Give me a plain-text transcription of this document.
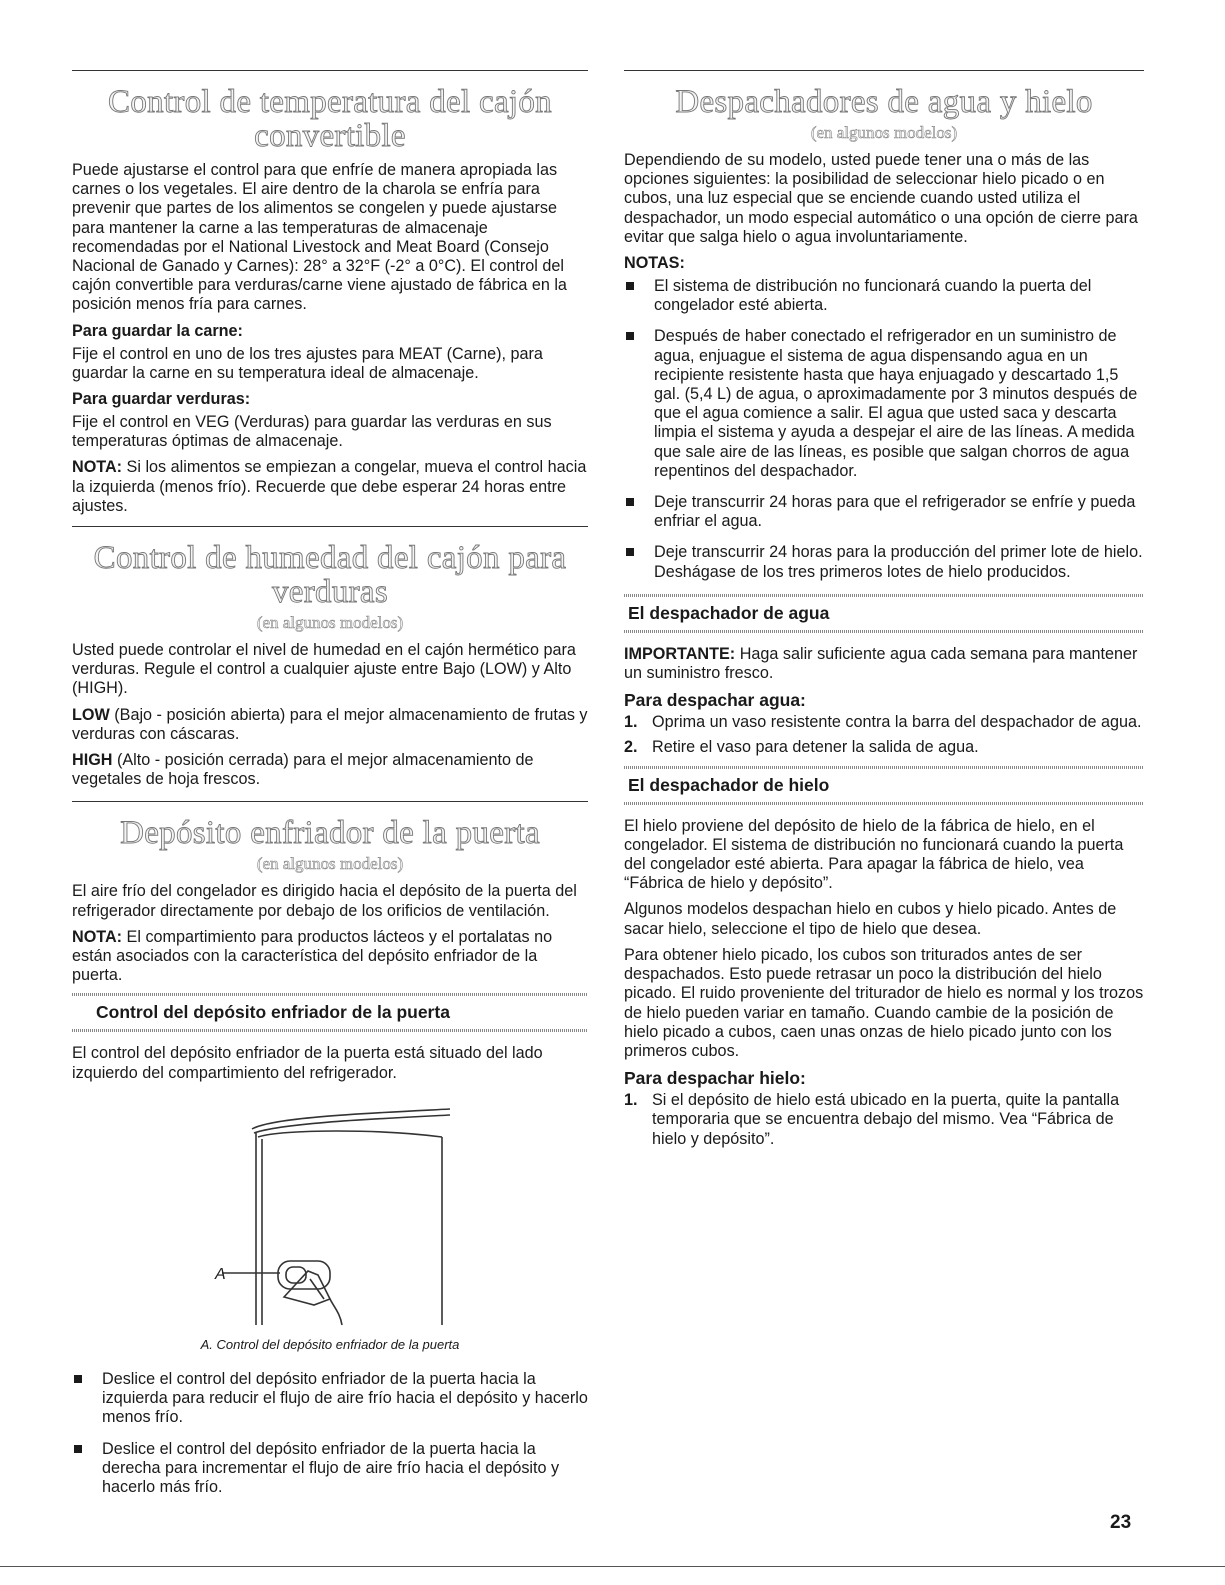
Control de temperatura del cajón convertible

Puede ajustarse el control para que enfríe de manera apropiada las carnes o los vegetales. El aire dentro de la charola se enfría para prevenir que partes de los alimentos se congelen y puede ajustarse para mantener la carne a las temperaturas de almacenaje recomendadas por el National Livestock and Meat Board (Consejo Nacional de Ganado y Carnes): 28° a 32°F (-2° a 0°C). El control del cajón convertible para verduras/carne viene ajustado de fábrica en la posición menos fría para carnes.

Para guardar la carne:

Fije el control en uno de los tres ajustes para MEAT (Carne), para guardar la carne en su temperatura ideal de almacenaje.

Para guardar verduras:

Fije el control en VEG (Verduras) para guardar las verduras en sus temperaturas óptimas de almacenaje.

NOTA: Si los alimentos se empiezan a congelar, mueva el control hacia la izquierda (menos frío). Recuerde que debe esperar 24 horas entre ajustes.

Control de humedad del cajón para verduras
(en algunos modelos)

Usted puede controlar el nivel de humedad en el cajón hermético para verduras. Regule el control a cualquier ajuste entre Bajo (LOW) y Alto (HIGH).

LOW (Bajo - posición abierta) para el mejor almacenamiento de frutas y verduras con cáscaras.

HIGH (Alto - posición cerrada) para el mejor almacenamiento de vegetales de hoja frescos.

Depósito enfriador de la puerta
(en algunos modelos)

El aire frío del congelador es dirigido hacia el depósito de la puerta del refrigerador directamente por debajo de los orificios de ventilación.

NOTA: El compartimiento para productos lácteos y el portalatas no están asociados con la característica del depósito enfriador de la puerta.

Control del depósito enfriador de la puerta

El control del depósito enfriador de la puerta está situado del lado izquierdo del compartimiento del refrigerador.

A
A. Control del depósito enfriador de la puerta
Deslice el control del depósito enfriador de la puerta hacia la izquierda para reducir el flujo de aire frío hacia el depósito y hacerlo menos frío.
Deslice el control del depósito enfriador de la puerta hacia la derecha para incrementar el flujo de aire frío hacia el depósito y hacerlo más frío.
Despachadores de agua y hielo
(en algunos modelos)

Dependiendo de su modelo, usted puede tener una o más de las opciones siguientes: la posibilidad de seleccionar hielo picado o en cubos, una luz especial que se enciende cuando usted utiliza el despachador, un modo especial automático o una opción de cierre para evitar que salga hielo o agua involuntariamente.

NOTAS:
El sistema de distribución no funcionará cuando la puerta del congelador esté abierta.
Después de haber conectado el refrigerador en un suministro de agua, enjuague el sistema de agua dispensando agua en un recipiente resistente hasta que haya enjuagado y descartado 1,5 gal. (5,4 L) de agua, o aproximadamente por 3 minutos después de que el agua comience a salir. El agua que usted saca y descarta limpia el sistema y ayuda a despejar el aire de las líneas. A medida que sale aire de las líneas, es posible que salgan chorros de agua repentinos del despachador.
Deje transcurrir 24 horas para que el refrigerador se enfríe y pueda enfriar el agua.
Deje transcurrir 24 horas para la producción del primer lote de hielo. Deshágase de los tres primeros lotes de hielo producidos.
El despachador de agua

IMPORTANTE: Haga salir suficiente agua cada semana para mantener un suministro fresco.

Para despachar agua:
1. Oprima un vaso resistente contra la barra del despachador de agua.
2. Retire el vaso para detener la salida de agua.
El despachador de hielo

El hielo proviene del depósito de hielo de la fábrica de hielo, en el congelador. El sistema de distribución no funcionará cuando la puerta del congelador esté abierta. Para apagar la fábrica de hielo, vea “Fábrica de hielo y depósito”.

Algunos modelos despachan hielo en cubos y hielo picado. Antes de sacar hielo, seleccione el tipo de hielo que desea.

Para obtener hielo picado, los cubos son triturados antes de ser despachados. Esto puede retrasar un poco la distribución del hielo picado. El ruido proveniente del triturador de hielo es normal y los trozos de hielo pueden variar en tamaño. Cuando cambie de la posición de hielo picado a cubos, caen unas onzas de hielo picado junto con los primeros cubos.

Para despachar hielo:
1. Si el depósito de hielo está ubicado en la puerta, quite la pantalla temporaria que se encuentra debajo del mismo. Vea “Fábrica de hielo y depósito”.
23
